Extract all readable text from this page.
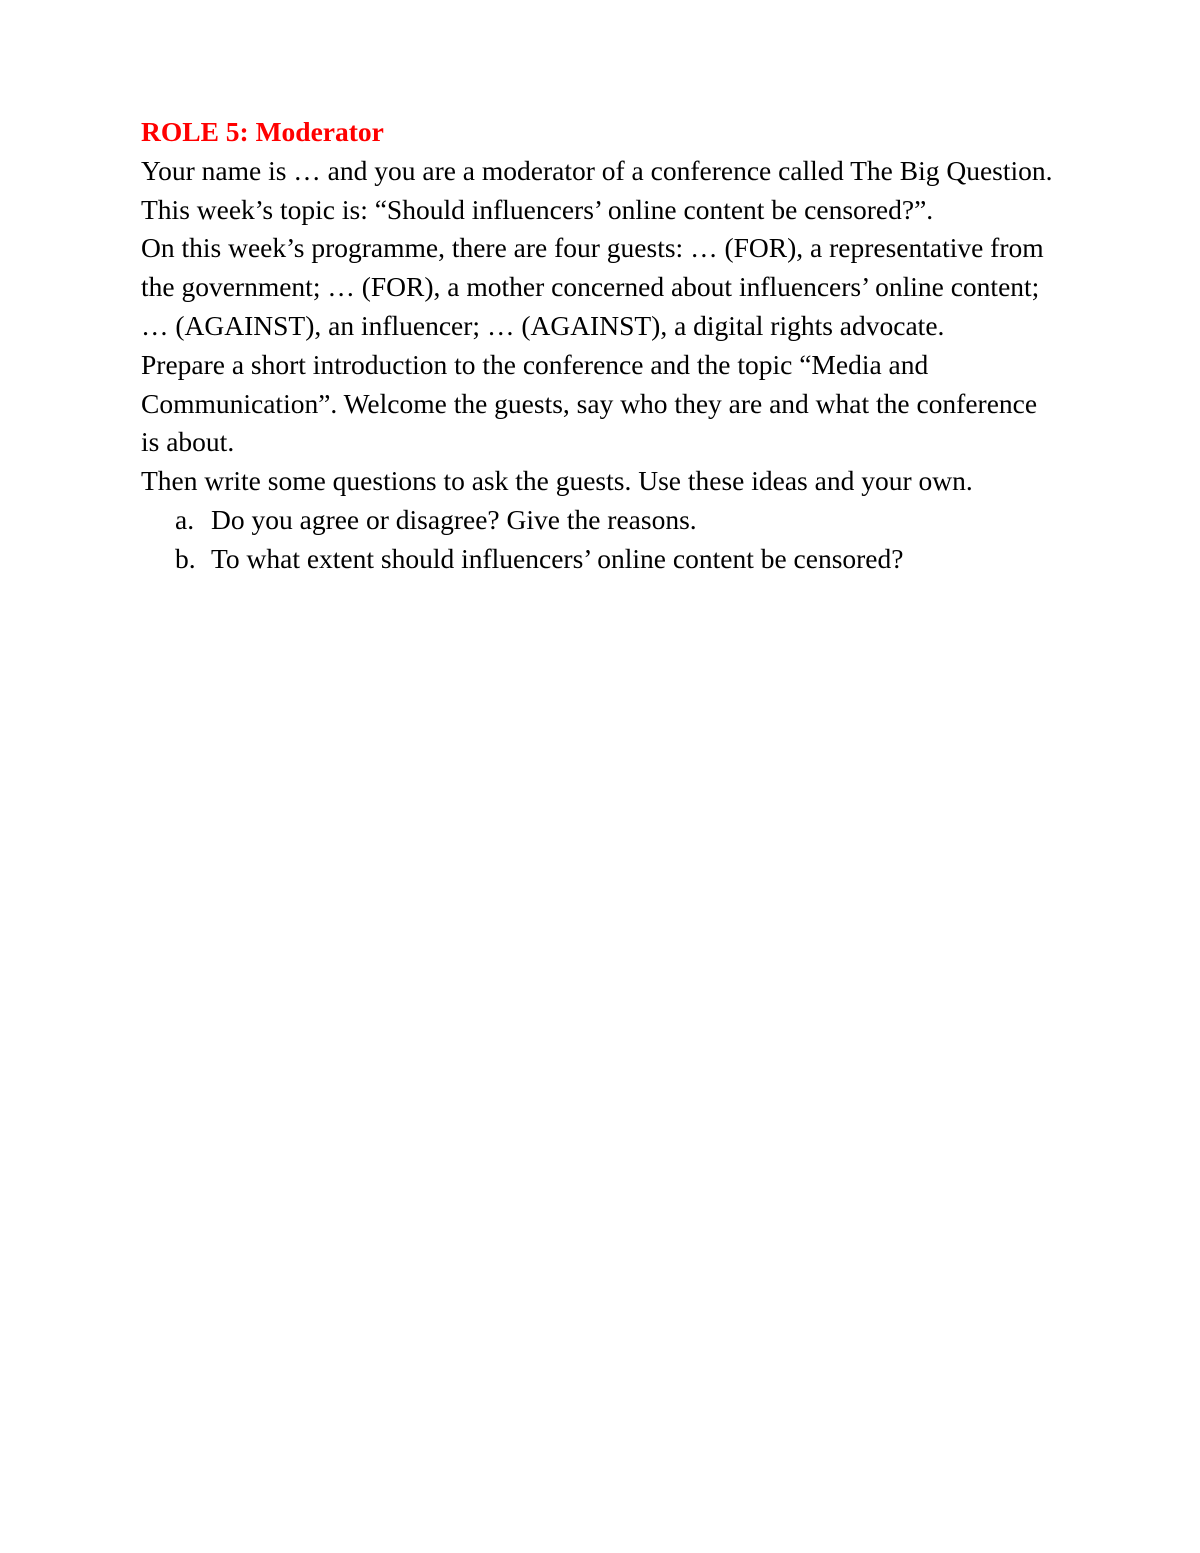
ROLE 5: Moderator

Your name is … and you are a moderator of a conference called The Big Question. This week’s topic is: “Should influencers’ online content be censored?”.

On this week’s programme, there are four guests: … (FOR), a representative from the government; … (FOR), a mother concerned about influencers’ online content; … (AGAINST), an influencer; … (AGAINST), a digital rights advocate.

Prepare a short introduction to the conference and the topic “Media and Communication”. Welcome the guests, say who they are and what the conference is about.

Then write some questions to ask the guests. Use these ideas and your own.

a. Do you agree or disagree? Give the reasons.
b. To what extent should influencers’ online content be censored?
